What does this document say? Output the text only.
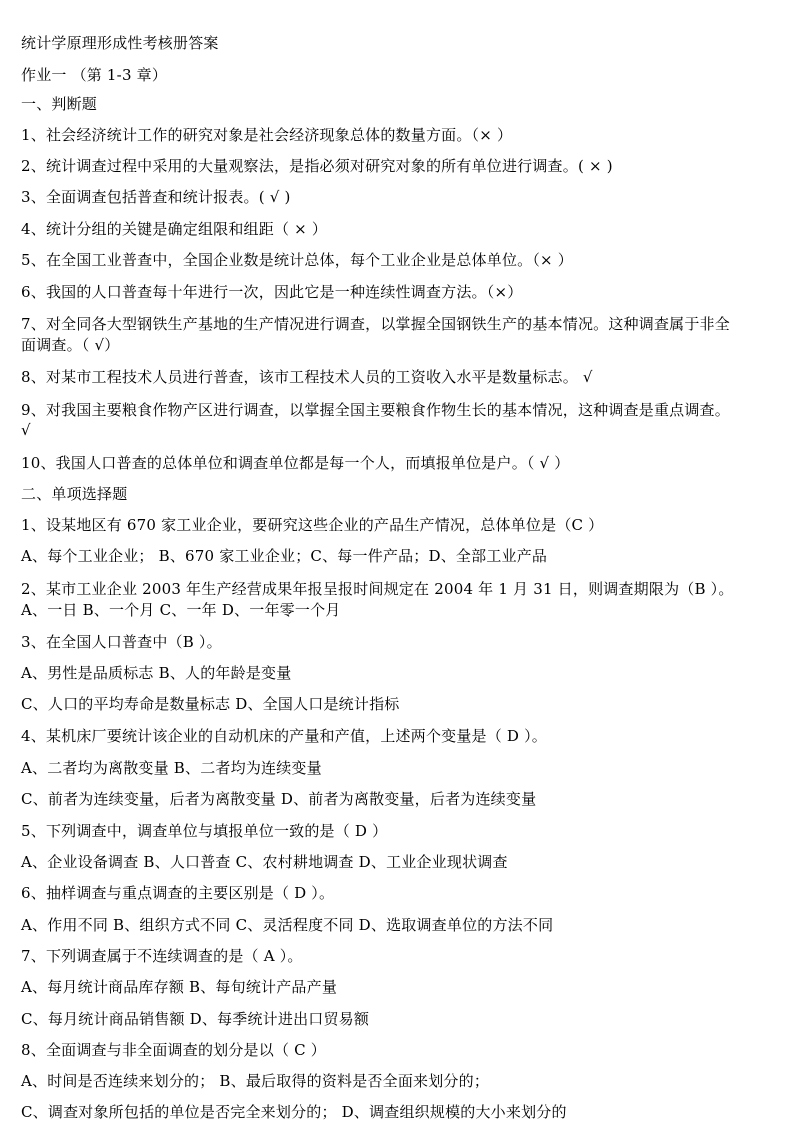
统计学原理形成性考核册答案
作业一 （第 1-3 章）
一、判断题
1、社会经济统计工作的研究对象是社会经济现象总体的数量方面。（× ）
2、统计调查过程中采用的大量观察法，是指必须对研究对象的所有单位进行调查。( × )
3、全面调查包括普查和统计报表。( √ )
4、统计分组的关键是确定组限和组距（ × ）
5、在全国工业普查中，全国企业数是统计总体，每个工业企业是总体单位。（× ）
6、我国的人口普查每十年进行一次，因此它是一种连续性调查方法。（×）
7、对全同各大型钢铁生产基地的生产情况进行调查，以掌握全国钢铁生产的基本情况。这种调查属于非全
面调查。（ √）
8、对某市工程技术人员进行普查，该市工程技术人员的工资收入水平是数量标志。 √
9、对我国主要粮食作物产区进行调查，以掌握全国主要粮食作物生长的基本情况，这种调查是重点调查。
√
10、我国人口普查的总体单位和调查单位都是每一个人，而填报单位是户。（ √ ）
二、单项选择题
1、设某地区有 670 家工业企业，要研究这些企业的产品生产情况，总体单位是（C ）
A、每个工业企业； B、670 家工业企业；C、每一件产品；D、全部工业产品
2、某市工业企业 2003 年生产经营成果年报呈报时间规定在 2004 年 1 月 31 日，则调查期限为（B ）。
A、一日 B、一个月 C、一年 D、一年零一个月
3、在全国人口普查中（B ）。
A、男性是品质标志 B、人的年龄是变量
C、人口的平均寿命是数量标志 D、全国人口是统计指标
4、某机床厂要统计该企业的自动机床的产量和产值，上述两个变量是（ D ）。
A、二者均为离散变量 B、二者均为连续变量
C、前者为连续变量，后者为离散变量 D、前者为离散变量，后者为连续变量
5、下列调查中，调查单位与填报单位一致的是（ D ）
A、企业设备调查 B、人口普查 C、农村耕地调查 D、工业企业现状调查
6、抽样调查与重点调查的主要区别是（ D ）。
A、作用不同 B、组织方式不同 C、灵活程度不同 D、选取调查单位的方法不同
7、下列调查属于不连续调查的是（ A ）。
A、每月统计商品库存额 B、每旬统计产品产量
C、每月统计商品销售额 D、每季统计进出口贸易额
8、全面调查与非全面调查的划分是以（ C ）
A、时间是否连续来划分的； B、最后取得的资料是否全面来划分的；
C、调查对象所包括的单位是否完全来划分的； D、调查组织规模的大小来划分的
